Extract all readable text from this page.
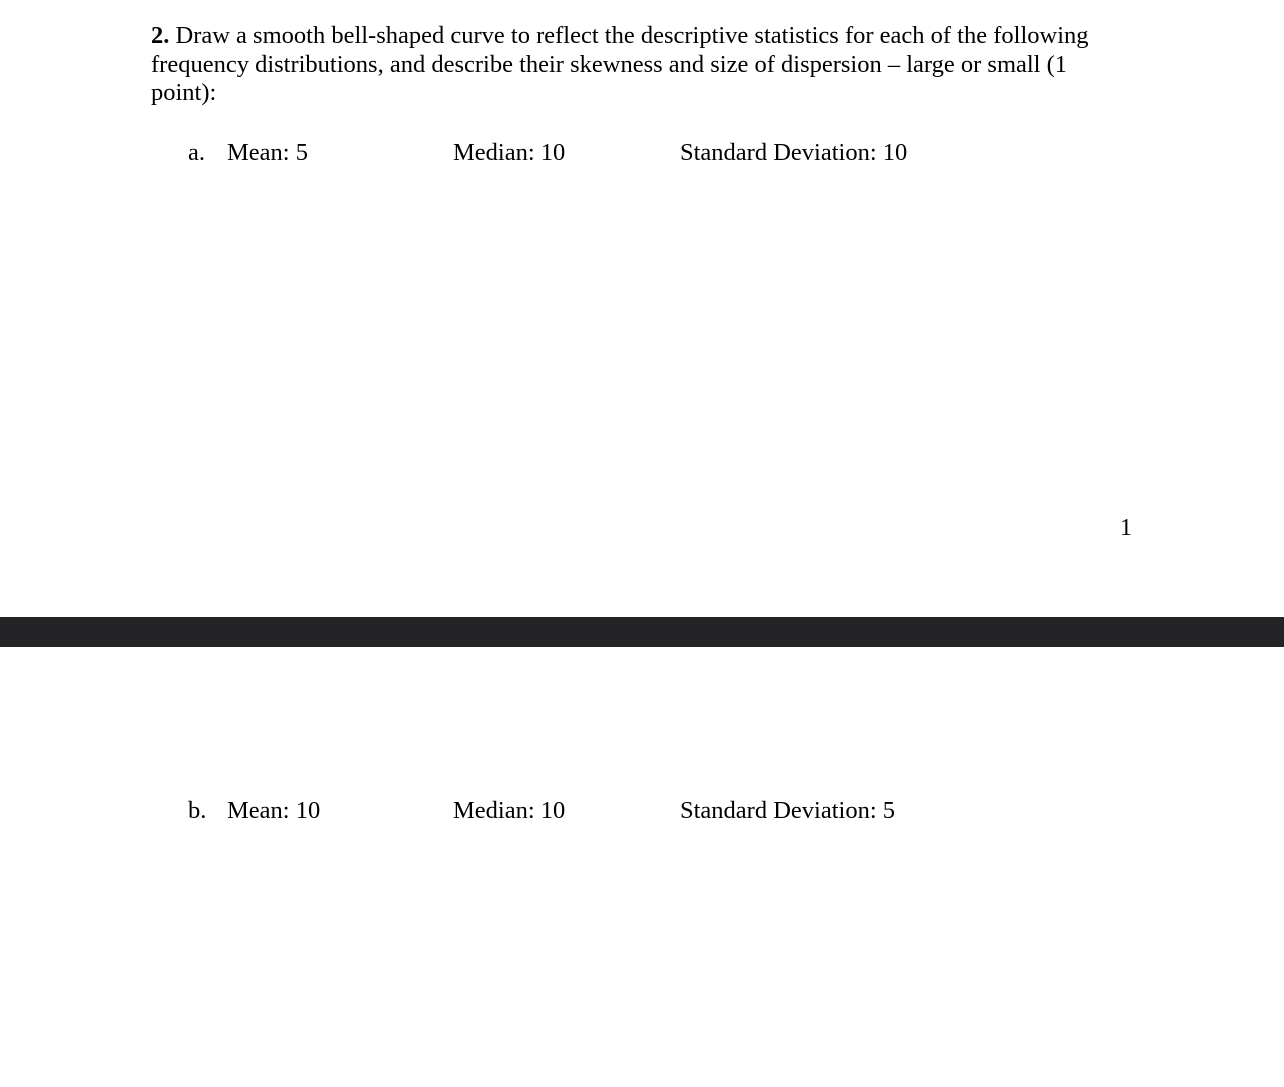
2. Draw a smooth bell-shaped curve to reflect the descriptive statistics for each of the following frequency distributions, and describe their skewness and size of dispersion – large or small (1 point):

a. Mean: 5	Median: 10	Standard Deviation: 10
1
b. Mean: 10	Median: 10	Standard Deviation: 5
